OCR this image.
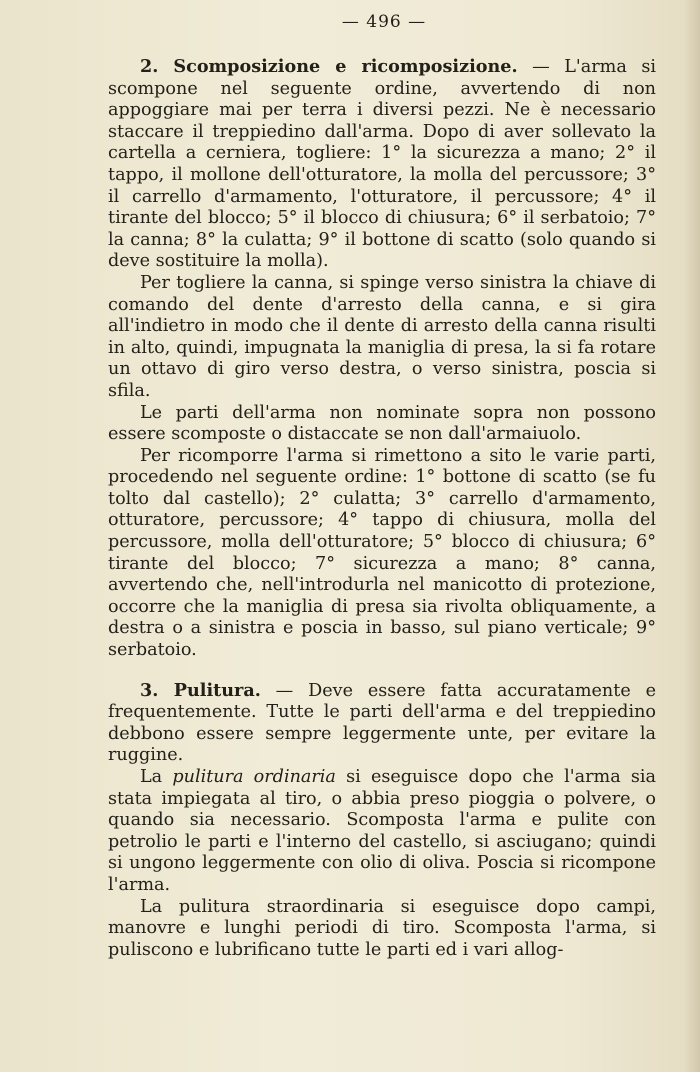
— 496 —

2. Scomposizione e ricomposizione. — L'arma si scompone nel seguente ordine, avvertendo di non appoggiare mai per terra i diversi pezzi. Ne è necessario staccare il treppiedino dall'arma. Dopo di aver sollevato la cartella a cerniera, togliere: 1° la sicurezza a mano; 2° il tappo, il mollone dell'otturatore, la molla del percussore; 3° il carrello d'armamento, l'otturatore, il percussore; 4° il tirante del blocco; 5° il blocco di chiusura; 6° il serbatoio; 7° la canna; 8° la culatta; 9° il bottone di scatto (solo quando si deve sostituire la molla).

Per togliere la canna, si spinge verso sinistra la chiave di comando del dente d'arresto della canna, e si gira all'indietro in modo che il dente di arresto della canna risulti in alto, quindi, impugnata la maniglia di presa, la si fa rotare un ottavo di giro verso destra, o verso sinistra, poscia si sfila.

Le parti dell'arma non nominate sopra non possono essere scomposte o distaccate se non dall'armaiuolo.

Per ricomporre l'arma si rimettono a sito le varie parti, procedendo nel seguente ordine: 1° bottone di scatto (se fu tolto dal castello); 2° culatta; 3° carrello d'armamento, otturatore, percussore; 4° tappo di chiusura, molla del percussore, molla dell'otturatore; 5° blocco di chiusura; 6° tirante del blocco; 7° sicurezza a mano; 8° canna, avvertendo che, nell'introdurla nel manicotto di protezione, occorre che la maniglia di presa sia rivolta obliquamente, a destra o a sinistra e poscia in basso, sul piano verticale; 9° serbatoio.

3. Pulitura. — Deve essere fatta accuratamente e frequentemente. Tutte le parti dell'arma e del treppiedino debbono essere sempre leggermente unte, per evitare la ruggine.

La pulitura ordinaria si eseguisce dopo che l'arma sia stata impiegata al tiro, o abbia preso pioggia o polvere, o quando sia necessario. Scomposta l'arma e pulite con petrolio le parti e l'interno del castello, si asciugano; quindi si ungono leggermente con olio di oliva. Poscia si ricompone l'arma.

La pulitura straordinaria si eseguisce dopo campi, manovre e lunghi periodi di tiro. Scomposta l'arma, si puliscono e lubrificano tutte le parti ed i vari allog-
